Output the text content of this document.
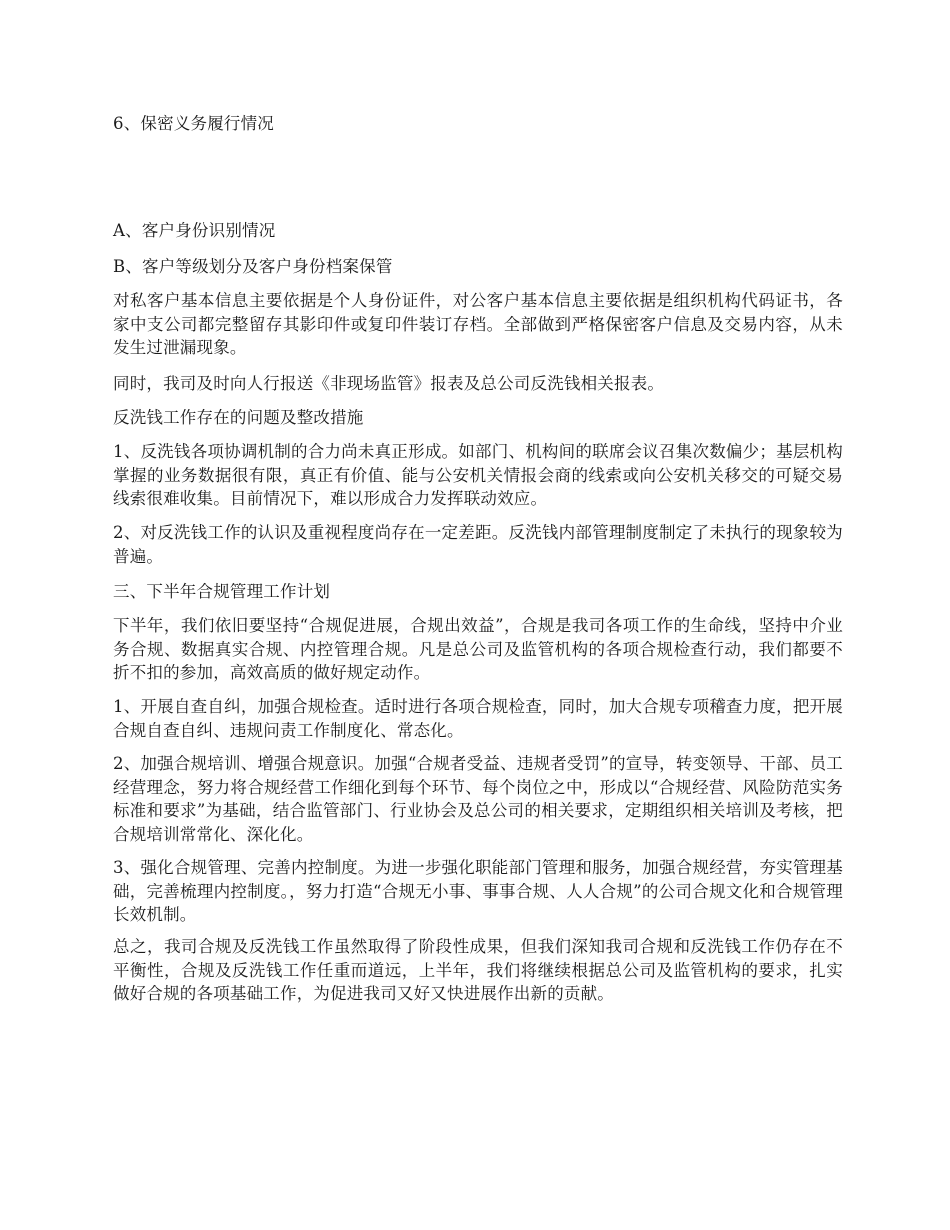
6、保密义务履行情况

A、客户身份识别情况

B、客户等级划分及客户身份档案保管

对私客户基本信息主要依据是个人身份证件，对公客户基本信息主要依据是组织机构代码证书，各家中支公司都完整留存其影印件或复印件装订存档。全部做到严格保密客户信息及交易内容，从未发生过泄漏现象。

同时，我司及时向人行报送《非现场监管》报表及总公司反洗钱相关报表。

反洗钱工作存在的问题及整改措施

1、反洗钱各项协调机制的合力尚未真正形成。如部门、机构间的联席会议召集次数偏少；基层机构掌握的业务数据很有限，真正有价值、能与公安机关情报会商的线索或向公安机关移交的可疑交易线索很难收集。目前情况下，难以形成合力发挥联动效应。

2、对反洗钱工作的认识及重视程度尚存在一定差距。反洗钱内部管理制度制定了未执行的现象较为普遍。

三、下半年合规管理工作计划

下半年，我们依旧要坚持“合规促进展，合规出效益”，合规是我司各项工作的生命线，坚持中介业务合规、数据真实合规、内控管理合规。凡是总公司及监管机构的各项合规检查行动，我们都要不折不扣的参加，高效高质的做好规定动作。

1、开展自查自纠，加强合规检查。适时进行各项合规检查，同时，加大合规专项稽查力度，把开展合规自查自纠、违规问责工作制度化、常态化。

2、加强合规培训、增强合规意识。加强“合规者受益、违规者受罚”的宣导，转变领导、干部、员工经营理念，努力将合规经营工作细化到每个环节、每个岗位之中，形成以“合规经营、风险防范实务标准和要求”为基础，结合监管部门、行业协会及总公司的相关要求，定期组织相关培训及考核，把合规培训常常化、深化化。

3、强化合规管理、完善内控制度。为进一步强化职能部门管理和服务，加强合规经营，夯实管理基础，完善梳理内控制度。，努力打造“合规无小事、事事合规、人人合规”的公司合规文化和合规管理长效机制。

总之，我司合规及反洗钱工作虽然取得了阶段性成果，但我们深知我司合规和反洗钱工作仍存在不平衡性，合规及反洗钱工作任重而道远，上半年，我们将继续根据总公司及监管机构的要求，扎实做好合规的各项基础工作，为促进我司又好又快进展作出新的贡献。
